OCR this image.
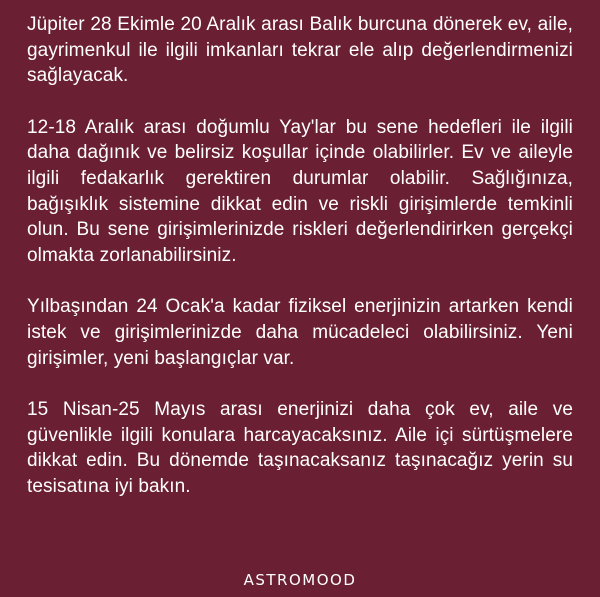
Jüpiter 28 Ekimle 20 Aralık arası Balık burcuna dönerek ev, aile, gayrimenkul ile ilgili imkanları tekrar ele alıp değerlendirmenizi sağlayacak.

12-18 Aralık arası doğumlu Yay'lar bu sene hedefleri ile ilgili daha dağınık ve belirsiz koşullar içinde olabilirler. Ev ve aileyle ilgili fedakarlık gerektiren durumlar olabilir. Sağlığınıza, bağışıklık sistemine dikkat edin ve riskli girişimlerde temkinli olun. Bu sene girişimlerinizde riskleri değerlendirirken gerçekçi olmakta zorlanabilirsiniz.

Yılbaşından 24 Ocak'a kadar fiziksel enerjinizin artarken kendi istek ve girişimlerinizde daha mücadeleci olabilirsiniz. Yeni girişimler, yeni başlangıçlar var.

15 Nisan-25 Mayıs arası enerjinizi daha çok ev, aile ve güvenlikle ilgili konulara harcayacaksınız. Aile içi sürtüşmelere dikkat edin. Bu dönemde taşınacaksanız taşınacağız yerin su tesisatına iyi bakın.

ASTROMOOD
